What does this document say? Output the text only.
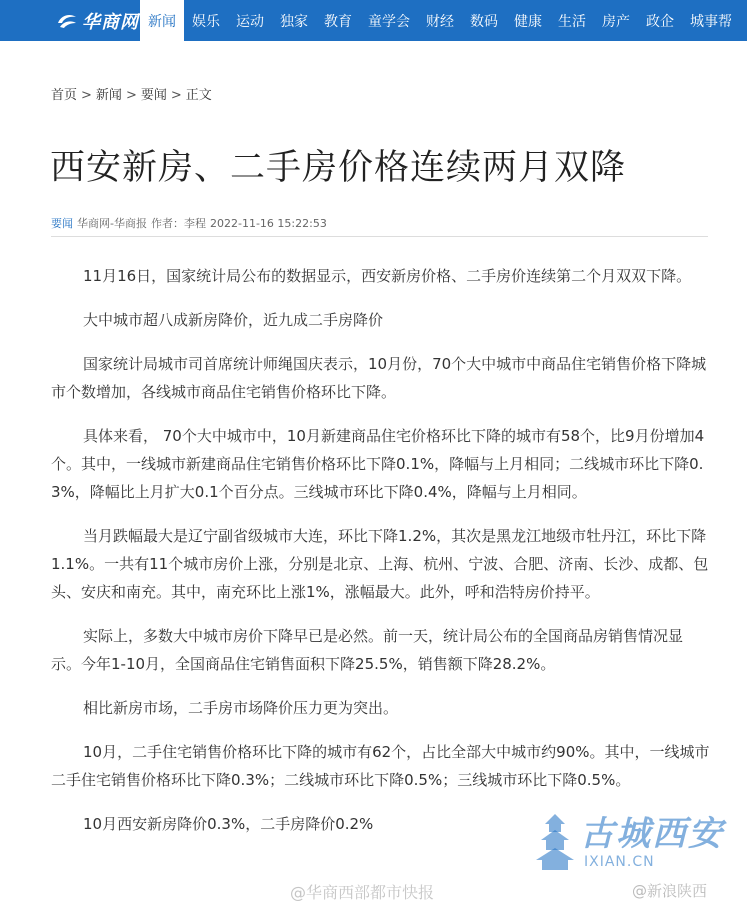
华商网 新闻	娱乐	运动	独家	教育	童学会	财经	数码	健康	生活	房产	政企	城事帮
首页 > 新闻 > 要闻 > 正文
西安新房、二手房价格连续两月双降
要闻 华商网-华商报 作者：李程 2022-11-16 15:22:53

11月16日，国家统计局公布的数据显示，西安新房价格、二手房价连续第二个月双双下降。

大中城市超八成新房降价，近九成二手房降价

国家统计局城市司首席统计师绳国庆表示，10月份，70个大中城市中商品住宅销售价格下降城市个数增加，各线城市商品住宅销售价格环比下降。

具体来看， 70个大中城市中，10月新建商品住宅价格环比下降的城市有58个，比9月份增加4个。其中，一线城市新建商品住宅销售价格环比下降0.1%，降幅与上月相同；二线城市环比下降0.3%，降幅比上月扩大0.1个百分点。三线城市环比下降0.4%，降幅与上月相同。

当月跌幅最大是辽宁副省级城市大连，环比下降1.2%，其次是黑龙江地级市牡丹江，环比下降1.1%。一共有11个城市房价上涨，分别是北京、上海、杭州、宁波、合肥、济南、长沙、成都、包头、安庆和南充。其中，南充环比上涨1%，涨幅最大。此外，呼和浩特房价持平。

实际上，多数大中城市房价下降早已是必然。前一天，统计局公布的全国商品房销售情况显示。今年1-10月，全国商品住宅销售面积下降25.5%，销售额下降28.2%。

相比新房市场，二手房市场降价压力更为突出。

10月，二手住宅销售价格环比下降的城市有62个，占比全部大中城市约90%。其中，一线城市二手住宅销售价格环比下降0.3%；二线城市环比下降0.5%；三线城市环比下降0.5%。

10月西安新房降价0.3%，二手房降价0.2%	古城西安
IXIAN.CN
@华商西部都市快报	@新浪陕西
